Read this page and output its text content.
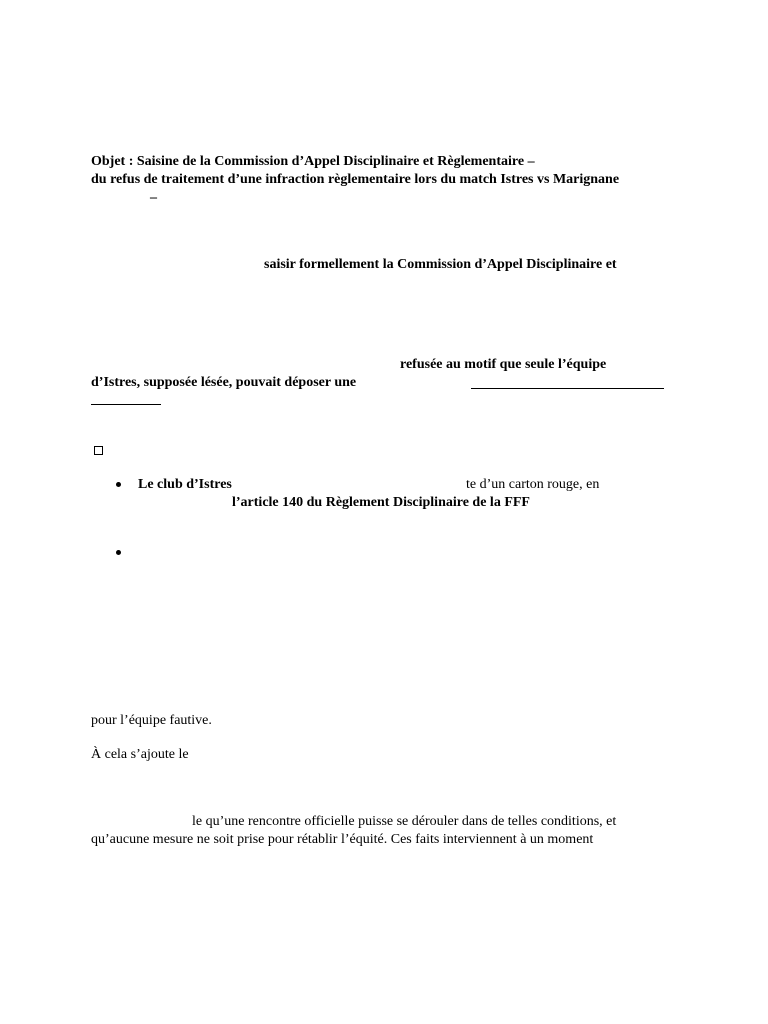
Objet : Saisine de la Commission d’Appel Disciplinaire et Règlementaire –
du refus de traitement d’une infraction règlementaire lors du match Istres vs Marignane
–
saisir formellement la Commission d’Appel Disciplinaire et
refusée au motif que seule l’équipe
d’Istres, supposée lésée, pouvait déposer une
Le club d’Istres	te d’un carton rouge, en
l’article 140 du Règlement Disciplinaire de la FFF
pour l’équipe fautive.
À cela s’ajoute le
le qu’une rencontre officielle puisse se dérouler dans de telles conditions, et
qu’aucune mesure ne soit prise pour rétablir l’équité. Ces faits interviennent à un moment
